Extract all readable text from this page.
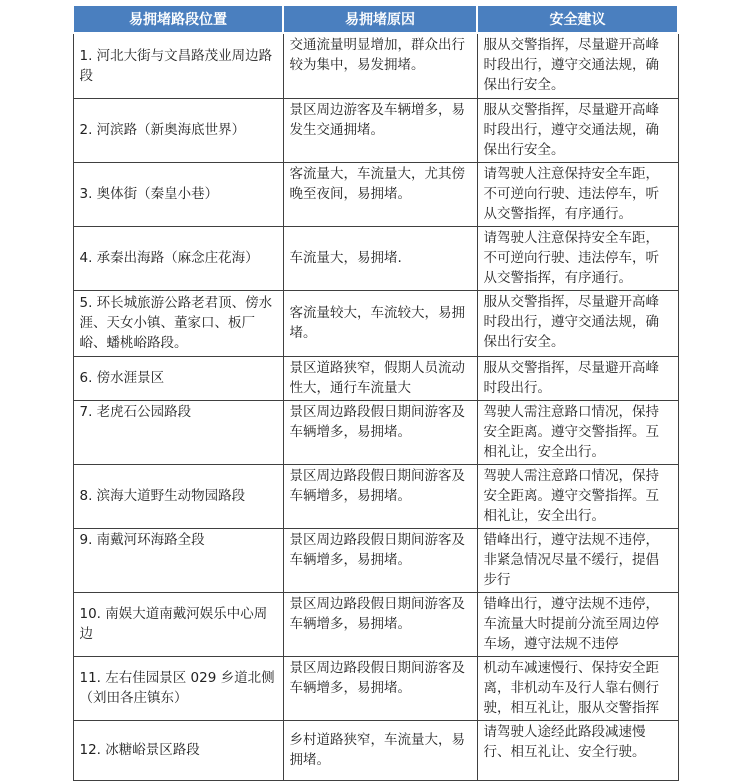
易拥堵路段位置	易拥堵原因	安全建议
1. 河北大街与文昌路茂业周边路段	交通流量明显增加，群众出行较为集中，易发拥堵。	服从交警指挥，尽量避开高峰时段出行，遵守交通法规，确保出行安全。
2. 河滨路（新奥海底世界）	景区周边游客及车辆增多，易发生交通拥堵。	服从交警指挥，尽量避开高峰时段出行，遵守交通法规，确保出行安全。
3. 奥体街（秦皇小巷）	客流量大，车流量大，尤其傍晚至夜间，易拥堵。	请驾驶人注意保持安全车距，不可逆向行驶、违法停车，听从交警指挥，有序通行。
4. 承秦出海路（麻念庄花海）	车流量大，易拥堵.	请驾驶人注意保持安全车距，不可逆向行驶、违法停车，听从交警指挥，有序通行。
5. 环长城旅游公路老君顶、傍水涯、天女小镇、董家口、板厂峪、蟠桃峪路段。	客流量较大，车流较大，易拥堵。	服从交警指挥，尽量避开高峰时段出行，遵守交通法规，确保出行安全。
6. 傍水涯景区	景区道路狭窄，假期人员流动性大，通行车流量大	服从交警指挥，尽量避开高峰时段出行。
7. 老虎石公园路段	景区周边路段假日期间游客及车辆增多，易拥堵。	驾驶人需注意路口情况，保持安全距离。遵守交警指挥。互相礼让，安全出行。
8. 滨海大道野生动物园路段	景区周边路段假日期间游客及车辆增多，易拥堵。	驾驶人需注意路口情况，保持安全距离。遵守交警指挥。互相礼让，安全出行。
9. 南戴河环海路全段	景区周边路段假日期间游客及车辆增多，易拥堵。	错峰出行，遵守法规不违停，非紧急情况尽量不缓行，提倡步行
10. 南娱大道南戴河娱乐中心周边	景区周边路段假日期间游客及车辆增多，易拥堵。	错峰出行，遵守法规不违停，车流量大时提前分流至周边停车场，遵守法规不违停
11. 左右佳园景区 029 乡道北侧（刘田各庄镇东）	景区周边路段假日期间游客及车辆增多，易拥堵。	机动车减速慢行、保持安全距离，非机动车及行人靠右侧行驶，相互礼让，服从交警指挥
12. 冰糖峪景区路段	乡村道路狭窄，车流量大，易拥堵。	请驾驶人途经此路段减速慢行、相互礼让、安全行驶。
